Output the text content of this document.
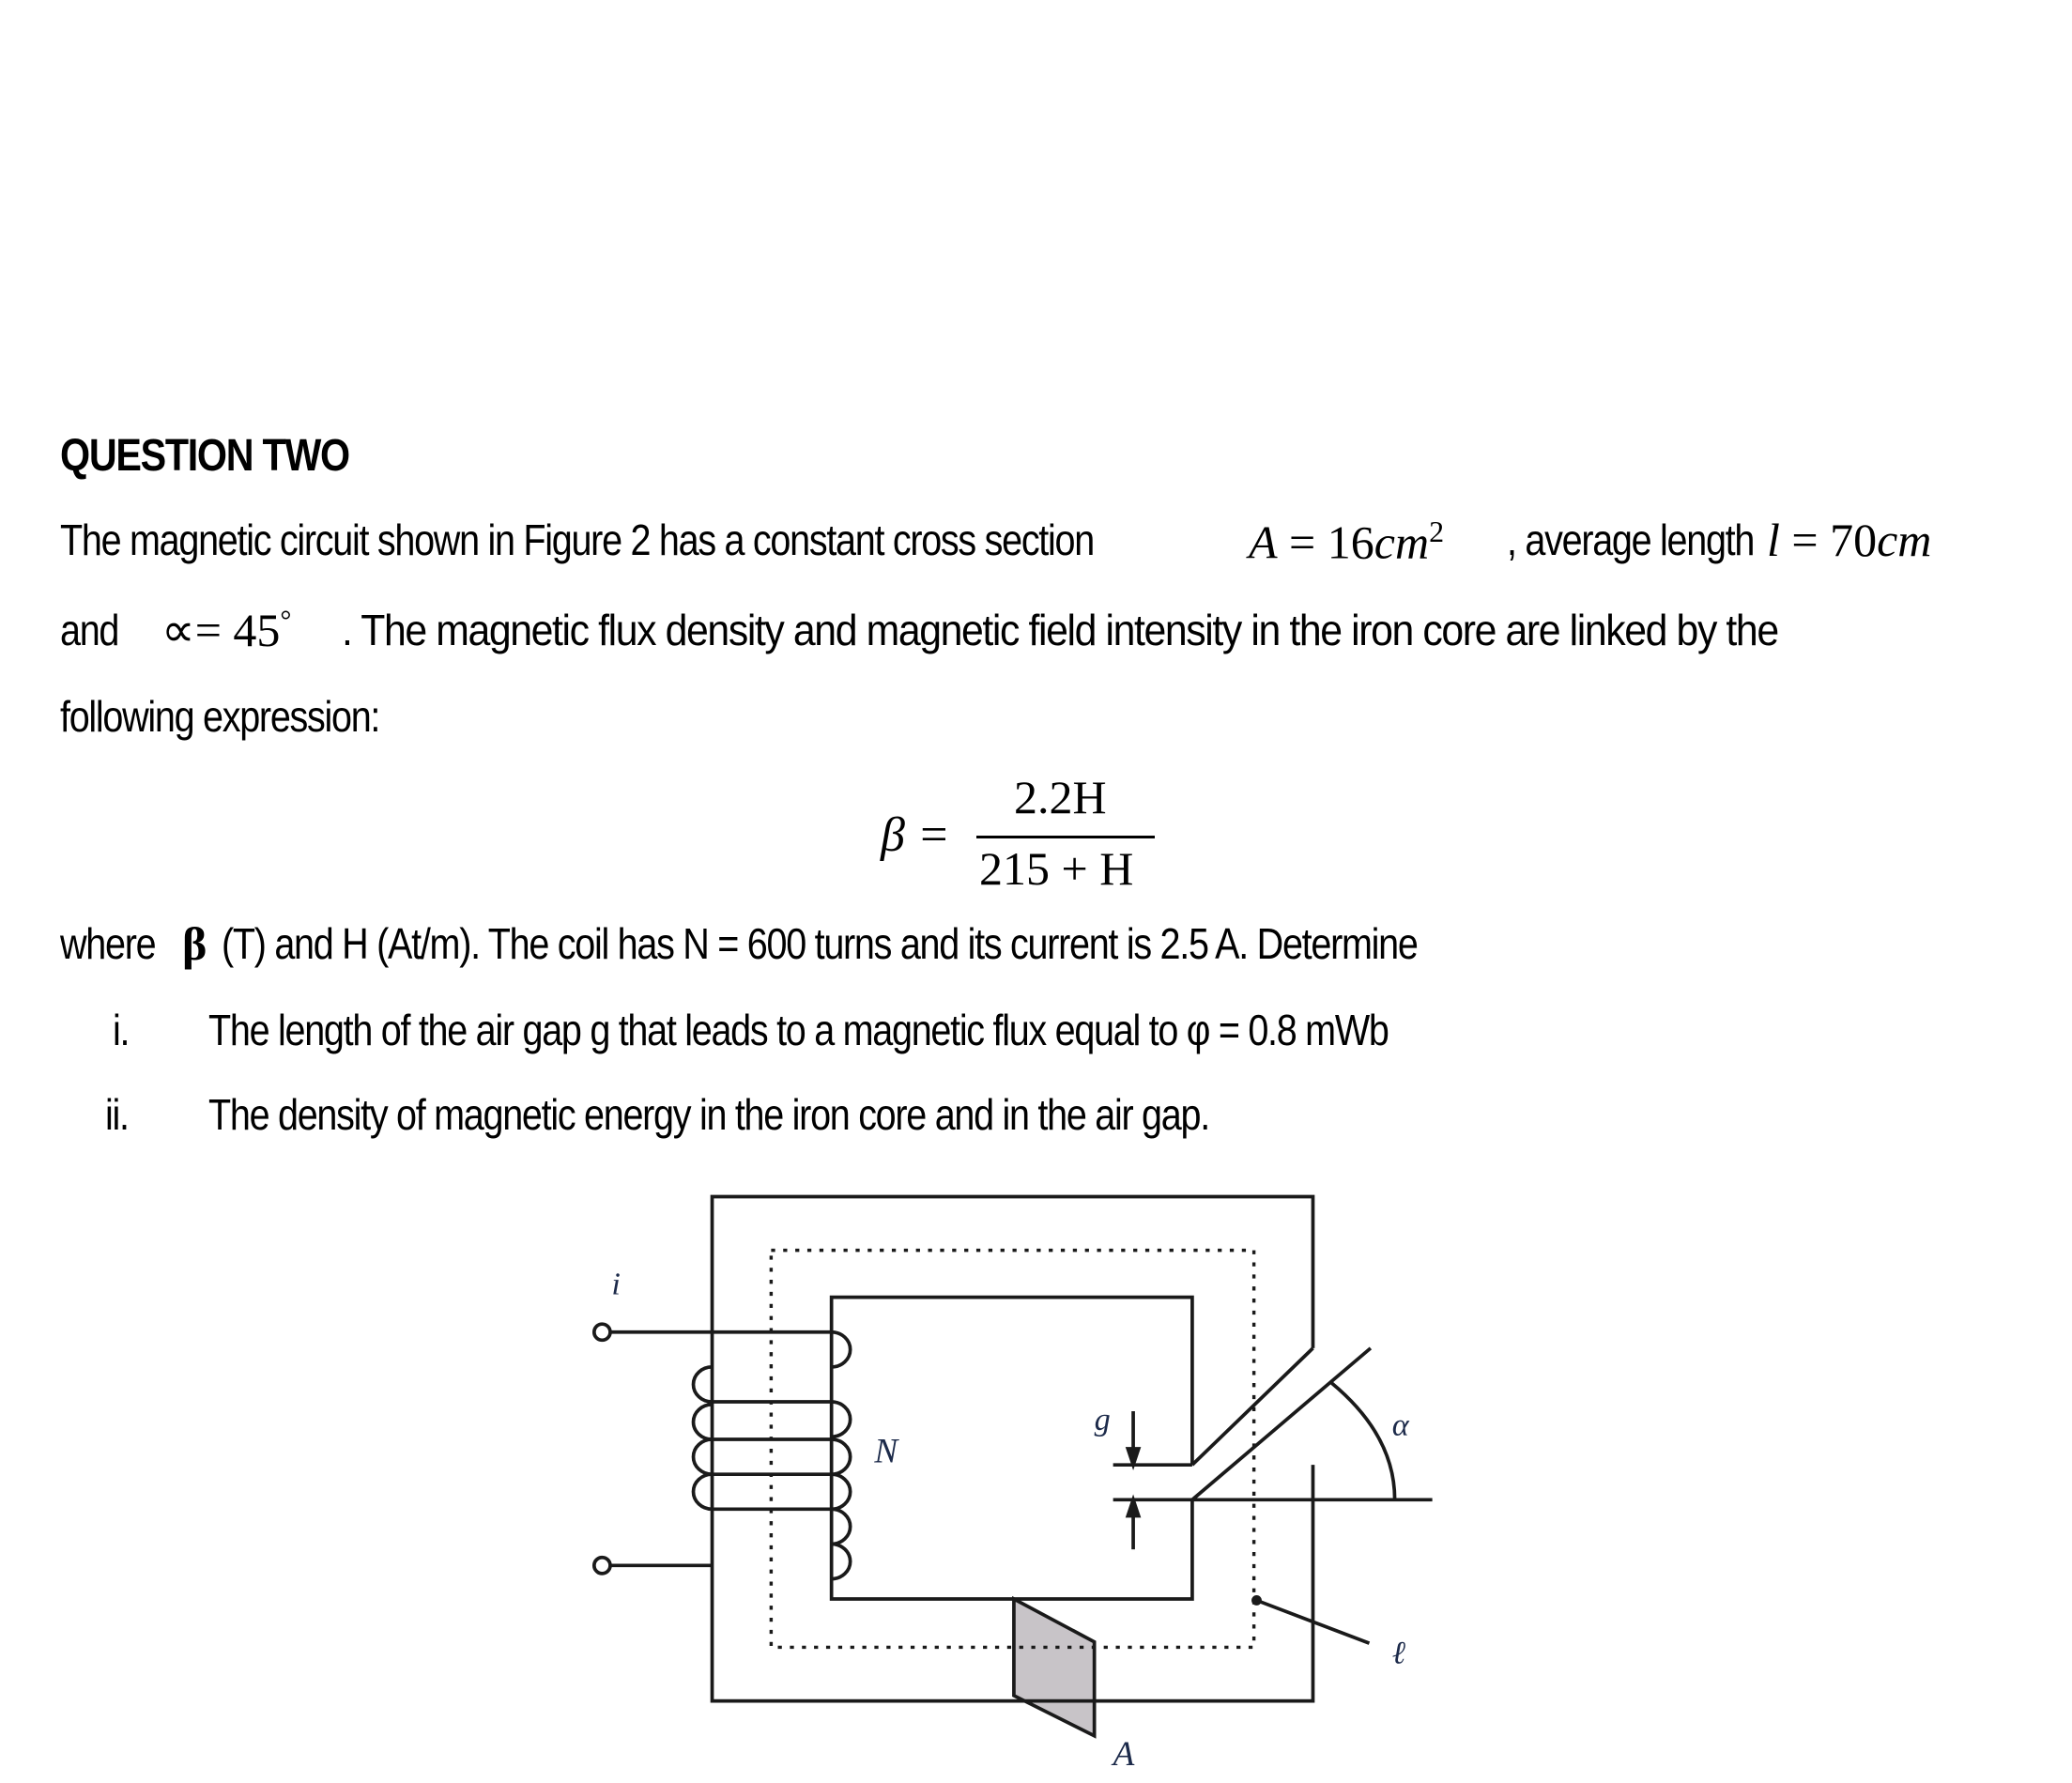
QUESTION TWO
The magnetic circuit shown in Figure 2 has a constant cross section	$A = 16cm^2$ , average length l = 70cm
and ∝= 45° . The magnetic flux density and magnetic field intensity in the iron core are linked by the
following expression:
β =
2.2H
215 + H
where β (T) and H (At/m). The coil has N = 600 turns and its current is 2.5 A. Determine
i. The length of the air gap g that leads to a magnetic flux equal to φ = 0.8 mWb
ii. The density of magnetic energy in the iron core and in the air gap.
i
N
g	α
ℓ
A
